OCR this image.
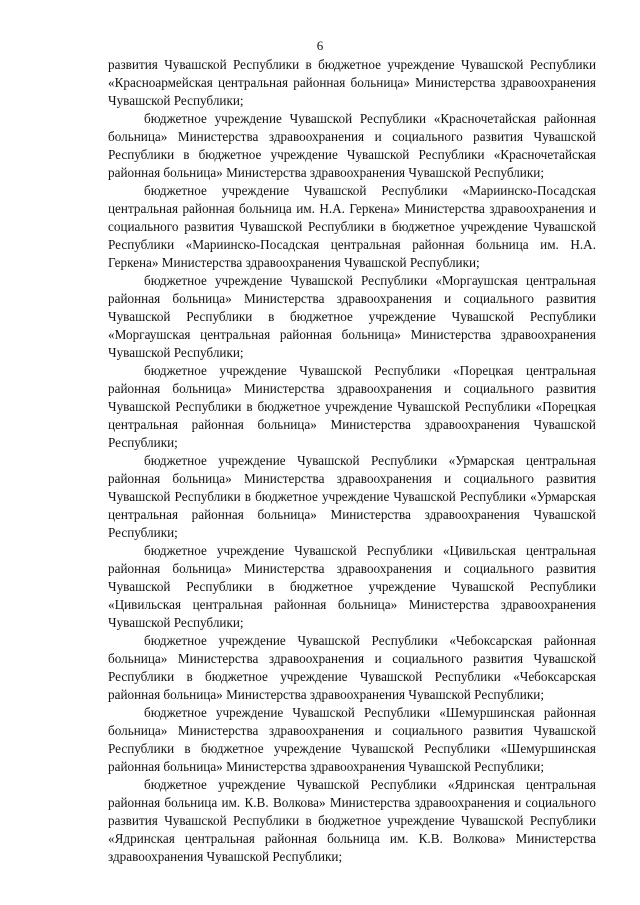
6

развития Чувашской Республики в бюджетное учреждение Чувашской Республики «Красноармейская центральная районная больница» Министерства здравоохранения Чувашской Республики;

бюджетное учреждение Чувашской Республики «Красночетайская районная больница» Министерства здравоохранения и социального развития Чувашской Республики в бюджетное учреждение Чувашской Республики «Красночетайская районная больница» Министерства здравоохранения Чувашской Республики;

бюджетное учреждение Чувашской Республики «Мариинско-Посадская центральная районная больница им. Н.А. Геркена» Министерства здравоохранения и социального развития Чувашской Республики в бюджетное учреждение Чувашской Республики «Мариинско-Посадская центральная районная больница им. Н.А. Геркена» Министерства здравоохранения Чувашской Республики;

бюджетное учреждение Чувашской Республики «Моргаушская центральная районная больница» Министерства здравоохранения и социального развития Чувашской Республики в бюджетное учреждение Чувашской Республики «Моргаушская центральная районная больница» Министерства здравоохранения Чувашской Республики;

бюджетное учреждение Чувашской Республики «Порецкая центральная районная больница» Министерства здравоохранения и социального развития Чувашской Республики в бюджетное учреждение Чувашской Республики «Порецкая центральная районная больница» Министерства здравоохранения Чувашской Республики;

бюджетное учреждение Чувашской Республики «Урмарская центральная районная больница» Министерства здравоохранения и социального развития Чувашской Республики в бюджетное учреждение Чувашской Республики «Урмарская центральная районная больница» Министерства здравоохранения Чувашской Республики;

бюджетное учреждение Чувашской Республики «Цивильская центральная районная больница» Министерства здравоохранения и социального развития Чувашской Республики в бюджетное учреждение Чувашской Республики «Цивильская центральная районная больница» Министерства здравоохранения Чувашской Республики;

бюджетное учреждение Чувашской Республики «Чебоксарская районная больница» Министерства здравоохранения и социального развития Чувашской Республики в бюджетное учреждение Чувашской Республики «Чебоксарская районная больница» Министерства здравоохранения Чувашской Республики;

бюджетное учреждение Чувашской Республики «Шемуршинская районная больница» Министерства здравоохранения и социального развития Чувашской Республики в бюджетное учреждение Чувашской Республики «Шемуршинская районная больница» Министерства здравоохранения Чувашской Республики;

бюджетное учреждение Чувашской Республики «Ядринская центральная районная больница им. К.В. Волкова» Министерства здравоохранения и социального развития Чувашской Республики в бюджетное учреждение Чувашской Республики «Ядринская центральная районная больница им. К.В. Волкова» Министерства здравоохранения Чувашской Республики;
